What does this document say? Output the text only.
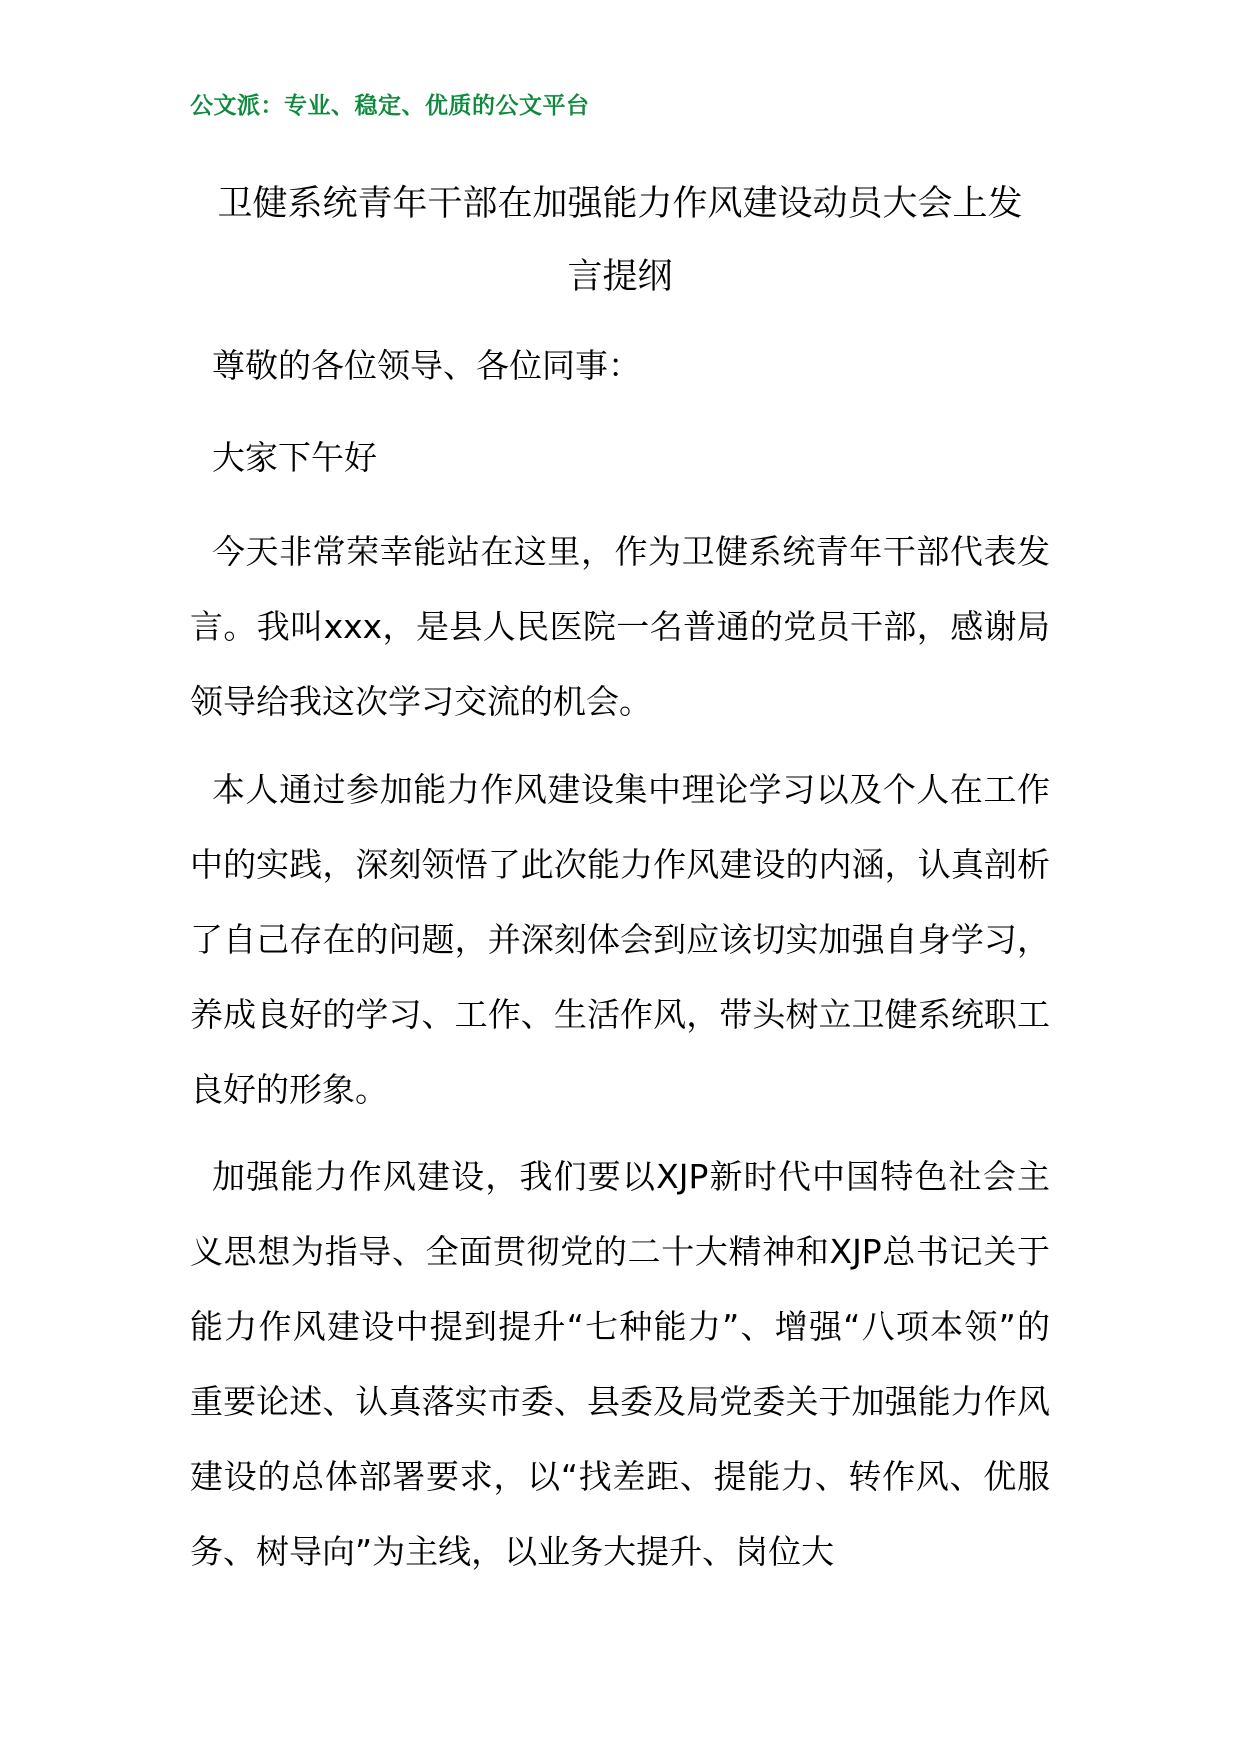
公文派：专业、稳定、优质的公文平台
卫健系统青年干部在加强能力作风建设动员大会上发
言提纲

尊敬的各位领导、各位同事：

大家下午好

今天非常荣幸能站在这里，作为卫健系统青年干部代表发言。我叫xxx，是县人民医院一名普通的党员干部，感谢局领导给我这次学习交流的机会。

本人通过参加能力作风建设集中理论学习以及个人在工作中的实践，深刻领悟了此次能力作风建设的内涵，认真剖析了自己存在的问题，并深刻体会到应该切实加强自身学习，养成良好的学习、工作、生活作风，带头树立卫健系统职工良好的形象。

加强能力作风建设，我们要以XJP新时代中国特色社会主义思想为指导、全面贯彻党的二十大精神和XJP总书记关于能力作风建设中提到提升“七种能力”、增强“八项本领”的重要论述、认真落实市委、县委及局党委关于加强能力作风建设的总体部署要求，以“找差距、提能力、转作风、优服务、树导向”为主线，以业务大提升、岗位大
